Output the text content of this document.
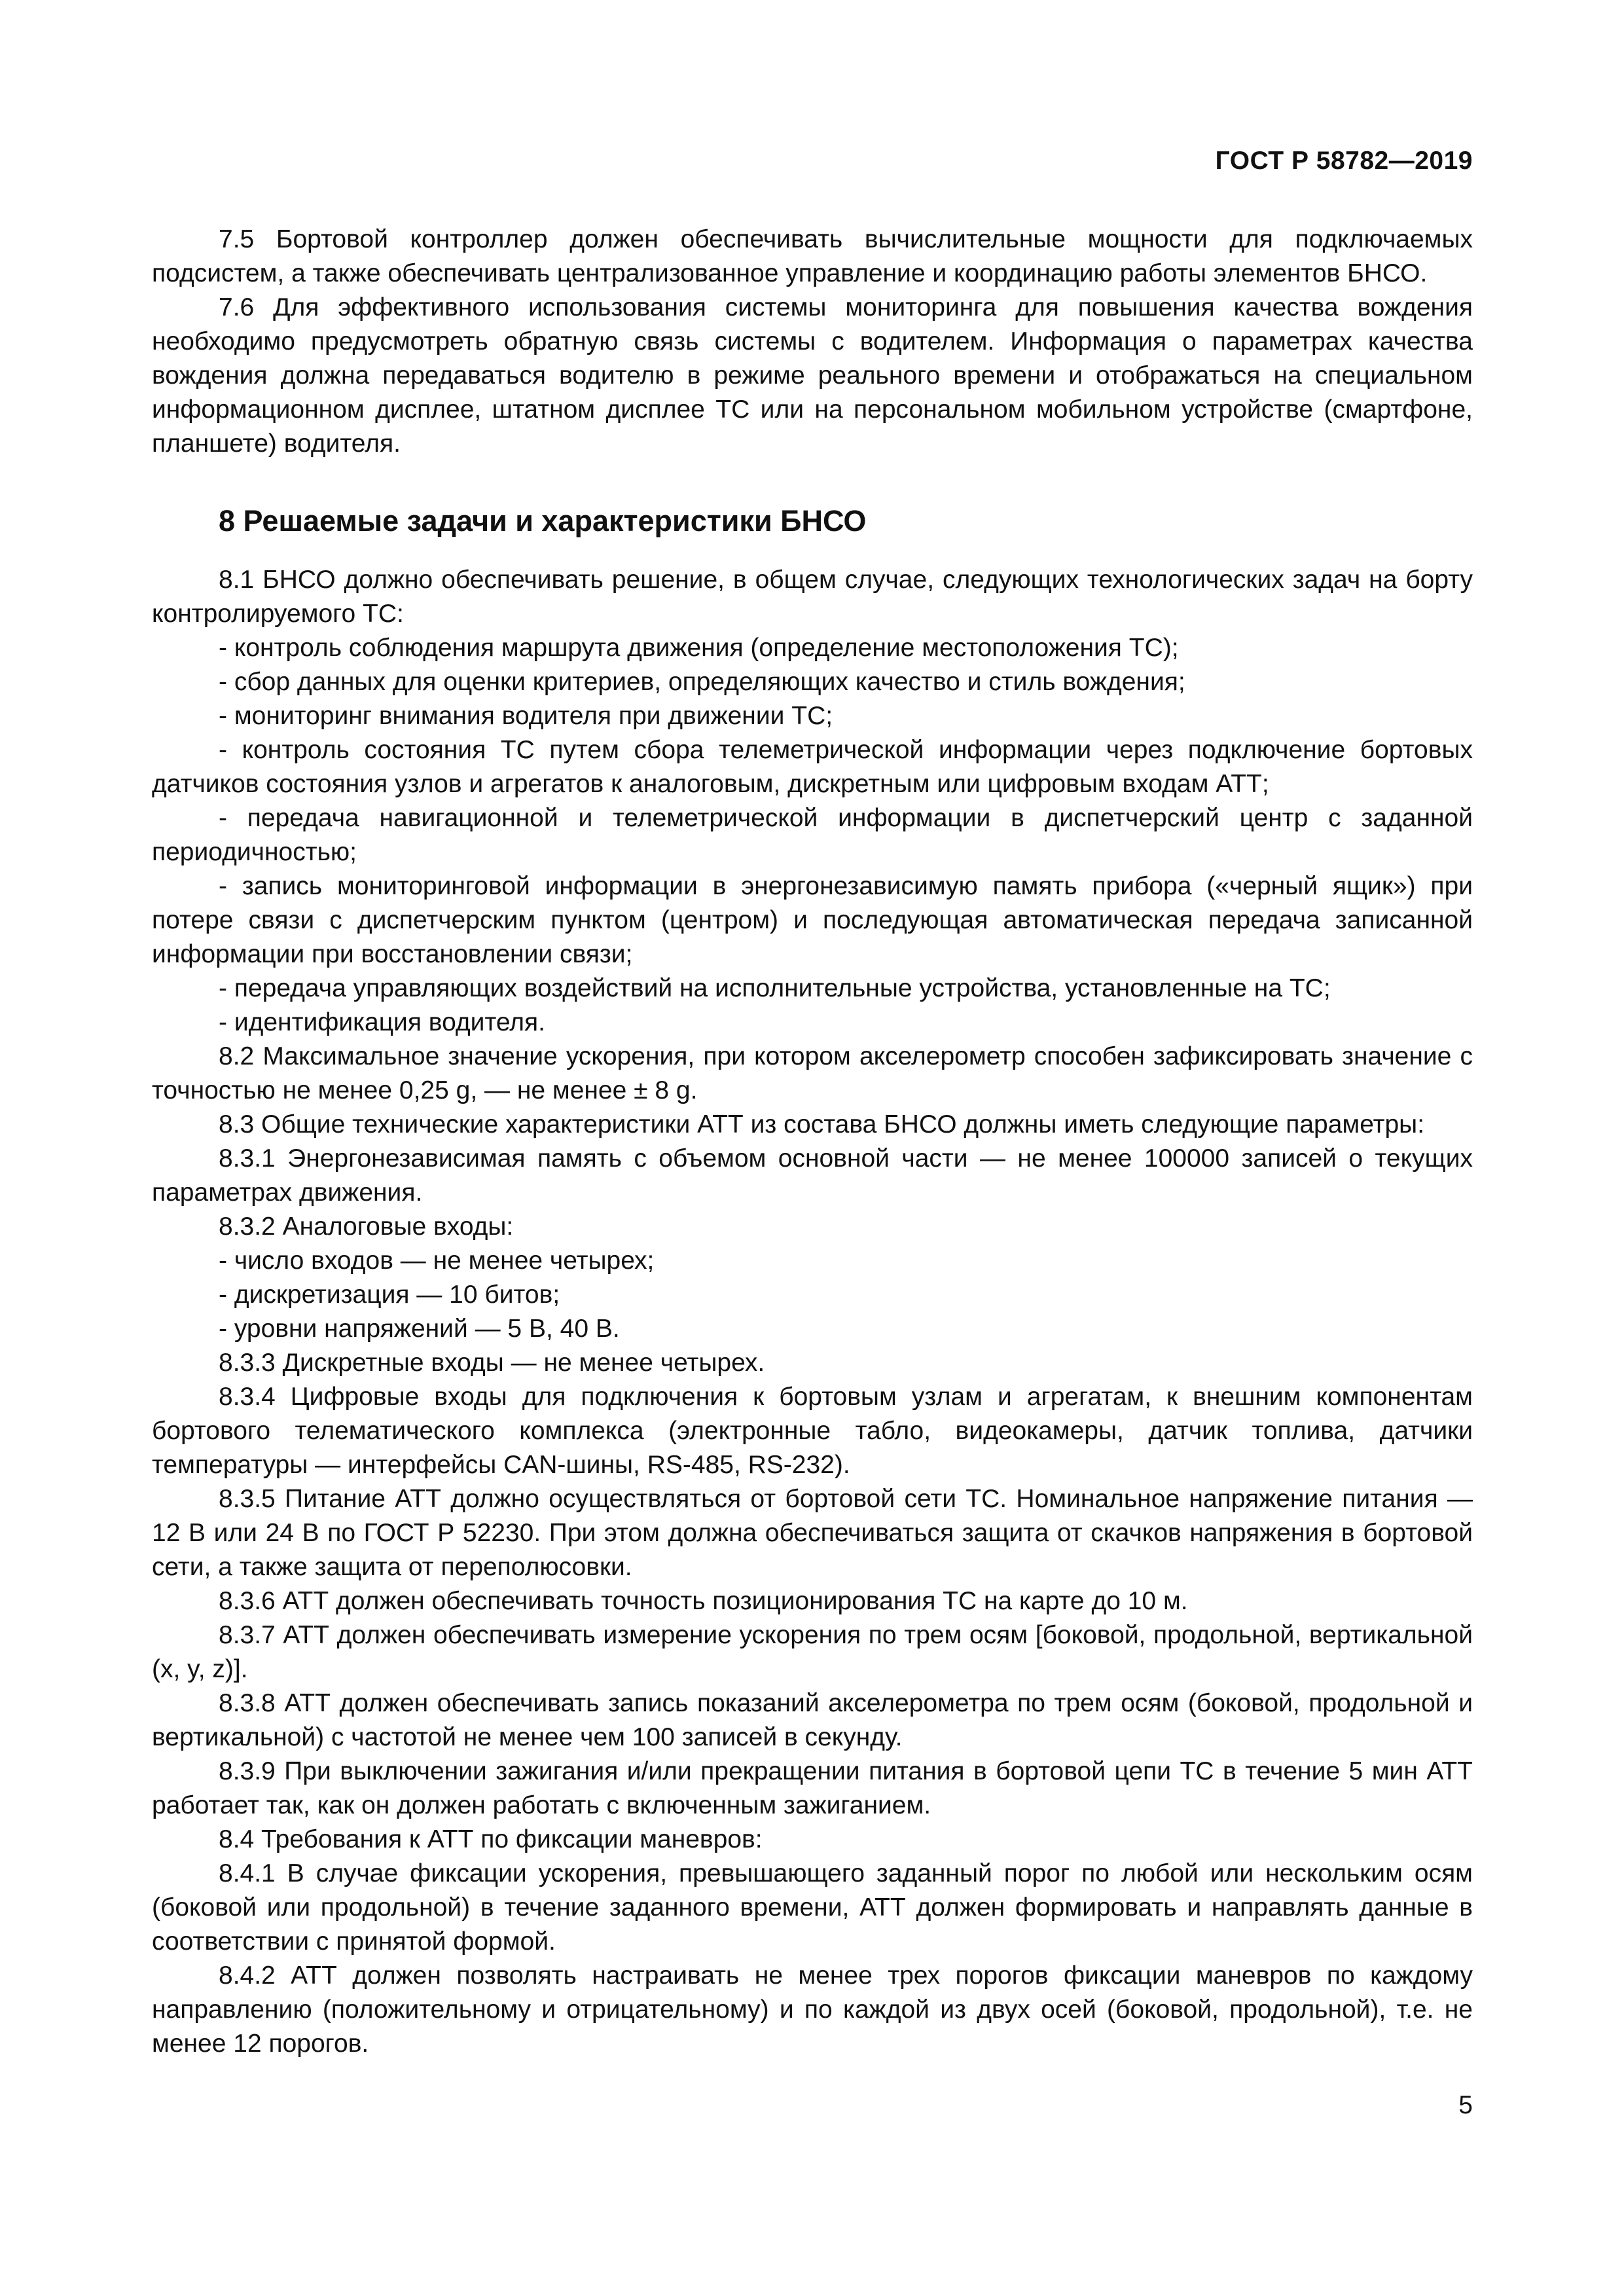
ГОСТ Р 58782—2019

7.5 Бортовой контроллер должен обеспечивать вычислительные мощности для подключаемых подсистем, а также обеспечивать централизованное управление и координацию работы элементов БНСО.

7.6 Для эффективного использования системы мониторинга для повышения качества вождения необходимо предусмотреть обратную связь системы с водителем. Информация о параметрах качества вождения должна передаваться водителю в режиме реального времени и отображаться на специальном информационном дисплее, штатном дисплее ТС или на персональном мобильном устройстве (смартфоне, планшете) водителя.

8 Решаемые задачи и характеристики БНСО

8.1 БНСО должно обеспечивать решение, в общем случае, следующих технологических задач на борту контролируемого ТС:

- контроль соблюдения маршрута движения (определение местоположения ТС);

- сбор данных для оценки критериев, определяющих качество и стиль вождения;

- мониторинг внимания водителя при движении ТС;

- контроль состояния ТС путем сбора телеметрической информации через подключение бортовых датчиков состояния узлов и агрегатов к аналоговым, дискретным или цифровым входам АТТ;

- передача навигационной и телеметрической информации в диспетчерский центр с заданной периодичностью;

- запись мониторинговой информации в энергонезависимую память прибора («черный ящик») при потере связи с диспетчерским пунктом (центром) и последующая автоматическая передача записанной информации при восстановлении связи;

- передача управляющих воздействий на исполнительные устройства, установленные на ТС;

- идентификация водителя.

8.2 Максимальное значение ускорения, при котором акселерометр способен зафиксировать значение с точностью не менее 0,25 g, — не менее ± 8 g.

8.3 Общие технические характеристики АТТ из состава БНСО должны иметь следующие параметры:

8.3.1 Энергонезависимая память с объемом основной части — не менее 100000 записей о текущих параметрах движения.

8.3.2 Аналоговые входы:

- число входов — не менее четырех;

- дискретизация — 10 битов;

- уровни напряжений — 5 В, 40 В.

8.3.3 Дискретные входы — не менее четырех.

8.3.4 Цифровые входы для подключения к бортовым узлам и агрегатам, к внешним компонентам бортового телематического комплекса (электронные табло, видеокамеры, датчик топлива, датчики температуры — интерфейсы CAN-шины, RS-485, RS-232).

8.3.5 Питание АТТ должно осуществляться от бортовой сети ТС. Номинальное напряжение питания — 12 В или 24 В по ГОСТ Р 52230. При этом должна обеспечиваться защита от скачков напряжения в бортовой сети, а также защита от переполюсовки.

8.3.6 АТТ должен обеспечивать точность позиционирования ТС на карте до 10 м.

8.3.7 АТТ должен обеспечивать измерение ускорения по трем осям [боковой, продольной, вертикальной (x, y, z)].

8.3.8 АТТ должен обеспечивать запись показаний акселерометра по трем осям (боковой, продольной и вертикальной) с частотой не менее чем 100 записей в секунду.

8.3.9 При выключении зажигания и/или прекращении питания в бортовой цепи ТС в течение 5 мин АТТ работает так, как он должен работать с включенным зажиганием.

8.4 Требования к АТТ по фиксации маневров:

8.4.1 В случае фиксации ускорения, превышающего заданный порог по любой или нескольким осям (боковой или продольной) в течение заданного времени, АТТ должен формировать и направлять данные в соответствии с принятой формой.

8.4.2 АТТ должен позволять настраивать не менее трех порогов фиксации маневров по каждому направлению (положительному и отрицательному) и по каждой из двух осей (боковой, продольной), т.е. не менее 12 порогов.

5
